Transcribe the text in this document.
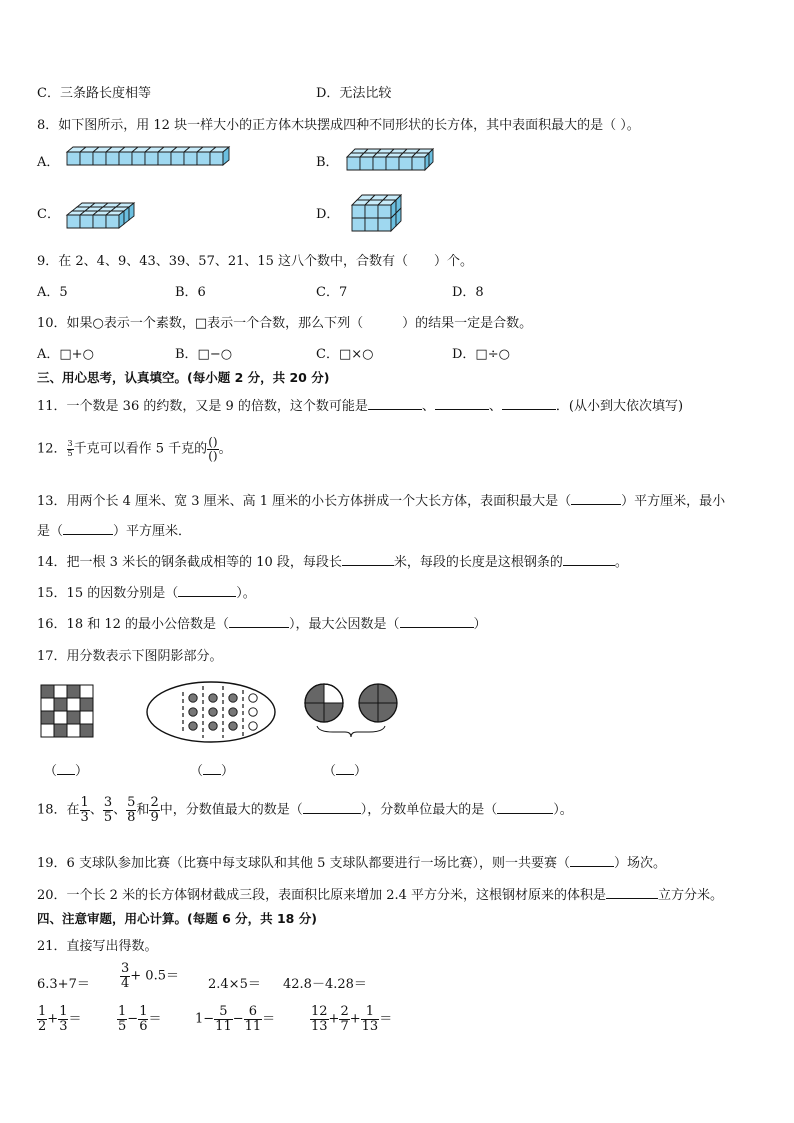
C．三条路长度相等	D．无法比较
8．如下图所示，用 12 块一样大小的正方体木块摆成四种不同形状的长方体，其中表面积最大的是（ ）。
A．	B．
C．	D．
9．在 2、4、9、43、39、57、21、15 这八个数中，合数有（　　）个。
A．5	B．6	C．7	D．8
10．如果○表示一个素数，□表示一个合数，那么下列（　　　）的结果一定是合数。
A．□+○	B．□−○	C．□×○	D．□÷○
三、用心思考，认真填空。(每小题 2 分，共 20 分)
11．一个数是 36 的约数，又是 9 的倍数，这个数可能是	、	、	．(从小到大依次填写)
12． $\frac{3}{5}$ 千克可以看作 5 千克的 $\frac{()}{()}$ 。
13．用两个长 4 厘米、宽 3 厘米、高 1 厘米的小长方体拼成一个大长方体，表面积最大是（	）平方厘米，最小
是（	）平方厘米．
14．把一根 3 米长的钢条截成相等的 10 段，每段长	米，每段的长度是这根钢条的	。
15．15 的因数分别是（	）。
16．18 和 12 的最小公倍数是（	），最大公因数是（	）
17．用分数表示下图阴影部分。
（ ）	（ ）	（ ）
18．在 $\frac{1}{3}$ 、 $\frac{3}{5}$ 、 $\frac{5}{8}$ 和 $\frac{2}{9}$ 中，分数值最大的数是（	），分数单位最大的是（	）。
19．6 支球队参加比赛（比赛中每支球队和其他 5 支球队都要进行一场比赛），则一共要赛（	）场次。
20．一个长 2 米的长方体钢材截成三段，表面积比原来增加 2.4 平方分米，这根钢材原来的体积是	立方分米。
四、注意审题，用心计算。(每题 6 分，共 18 分)
21．直接写出得数。
$6.3+7= \frac{3}{4} + 0.5=$
2.4×5＝ 42.8－4.28＝
$\frac{1}{2} + \frac{1}{3}$ ＝	$\frac{1}{5} - \frac{1}{6}$ ＝	$1- \frac{5}{11} - \frac{6}{11}$ ＝	$\frac{12}{13} + \frac{2}{7} + \frac{1}{13}$ ＝
